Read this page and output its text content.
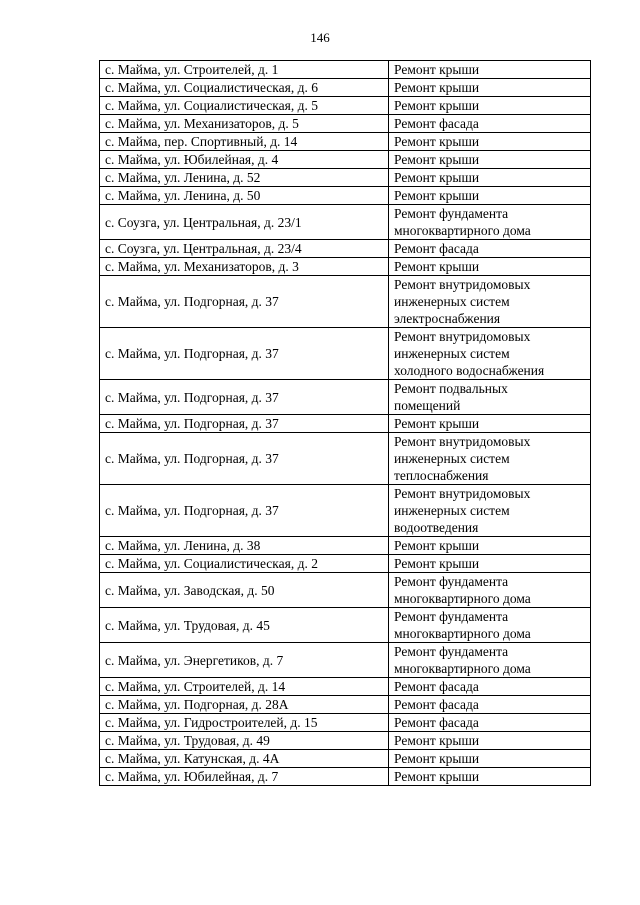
146
с. Майма, ул. Строителей, д. 1	Ремонт крыши

с. Майма, ул. Социалистическая, д. 6	Ремонт крыши

с. Майма, ул. Социалистическая, д. 5	Ремонт крыши

с. Майма, ул. Механизаторов, д. 5	Ремонт фасада

с. Майма, пер. Спортивный, д. 14	Ремонт крыши

с. Майма, ул. Юбилейная, д. 4	Ремонт крыши

с. Майма, ул. Ленина, д. 52	Ремонт крыши

с. Майма, ул. Ленина, д. 50	Ремонт крыши

с. Соузга, ул. Центральная, д. 23/1	Ремонт фундамента
многоквартирного дома

с. Соузга, ул. Центральная, д. 23/4	Ремонт фасада

с. Майма, ул. Механизаторов, д. 3	Ремонт крыши

с. Майма, ул. Подгорная, д. 37	Ремонт внутридомовых
инженерных систем
электроснабжения

с. Майма, ул. Подгорная, д. 37	Ремонт внутридомовых
инженерных систем
холодного водоснабжения

с. Майма, ул. Подгорная, д. 37	Ремонт подвальных
помещений

с. Майма, ул. Подгорная, д. 37	Ремонт крыши

с. Майма, ул. Подгорная, д. 37	Ремонт внутридомовых
инженерных систем
теплоснабжения

с. Майма, ул. Подгорная, д. 37	Ремонт внутридомовых
инженерных систем
водоотведения

с. Майма, ул. Ленина, д. 38	Ремонт крыши

с. Майма, ул. Социалистическая, д. 2	Ремонт крыши

с. Майма, ул. Заводская, д. 50	Ремонт фундамента
многоквартирного дома

с. Майма, ул. Трудовая, д. 45	Ремонт фундамента
многоквартирного дома

с. Майма, ул. Энергетиков, д. 7	Ремонт фундамента
многоквартирного дома

с. Майма, ул. Строителей, д. 14	Ремонт фасада

с. Майма, ул. Подгорная, д. 28А	Ремонт фасада

с. Майма, ул. Гидростроителей, д. 15	Ремонт фасада

с. Майма, ул. Трудовая, д. 49	Ремонт крыши

с. Майма, ул. Катунская, д. 4А	Ремонт крыши

с. Майма, ул. Юбилейная, д. 7	Ремонт крыши
